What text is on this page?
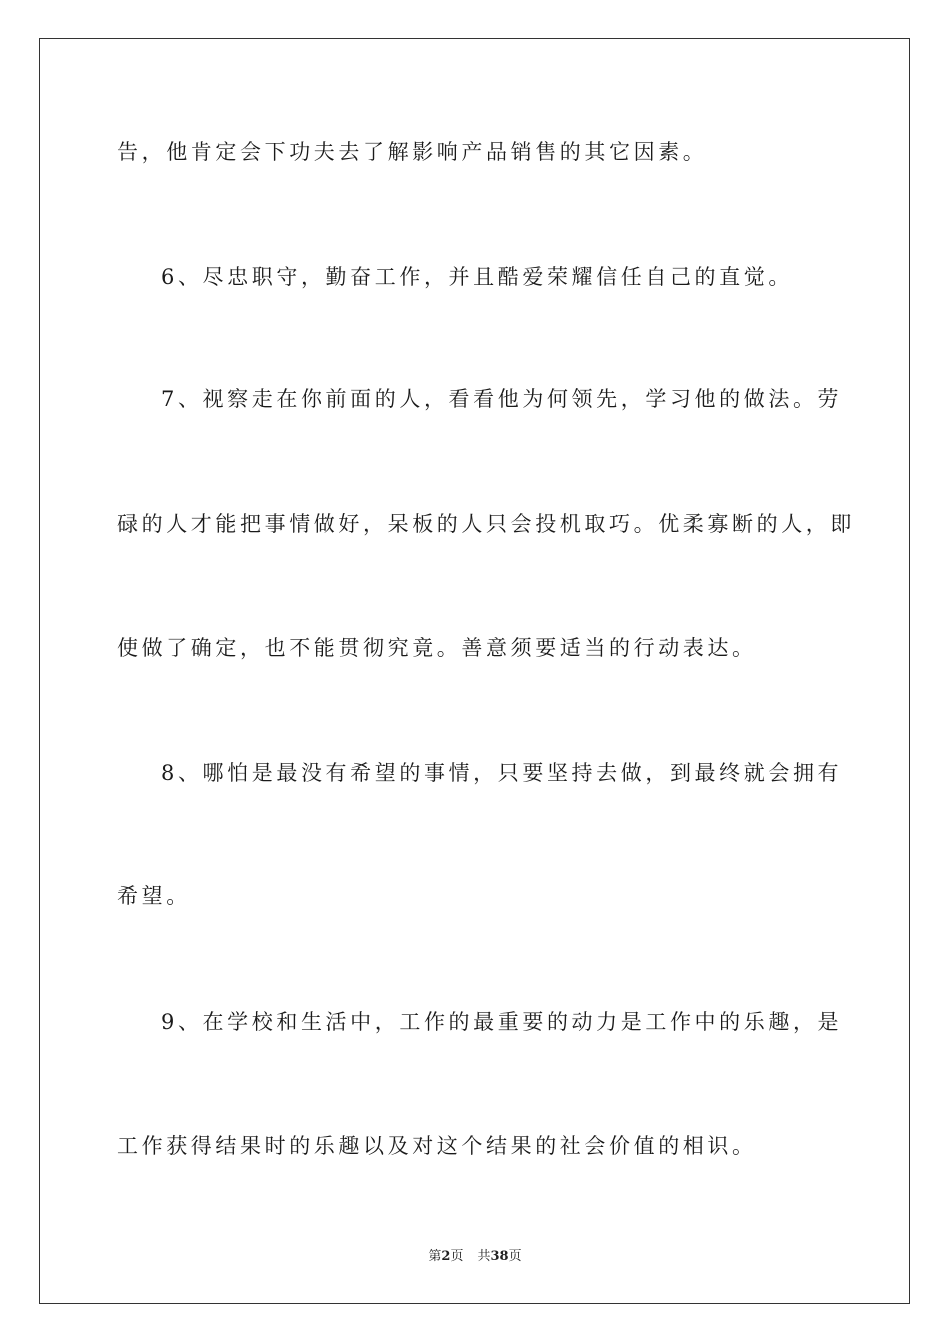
告，他肯定会下功夫去了解影响产品销售的其它因素。
6、尽忠职守，勤奋工作，并且酷爱荣耀信任自己的直觉。
7、视察走在你前面的人，看看他为何领先，学习他的做法。劳
碌的人才能把事情做好，呆板的人只会投机取巧。优柔寡断的人，即
使做了确定，也不能贯彻究竟。善意须要适当的行动表达。
8、哪怕是最没有希望的事情，只要坚持去做，到最终就会拥有
希望。
9、在学校和生活中，工作的最重要的动力是工作中的乐趣，是
工作获得结果时的乐趣以及对这个结果的社会价值的相识。
第2页 共38页
